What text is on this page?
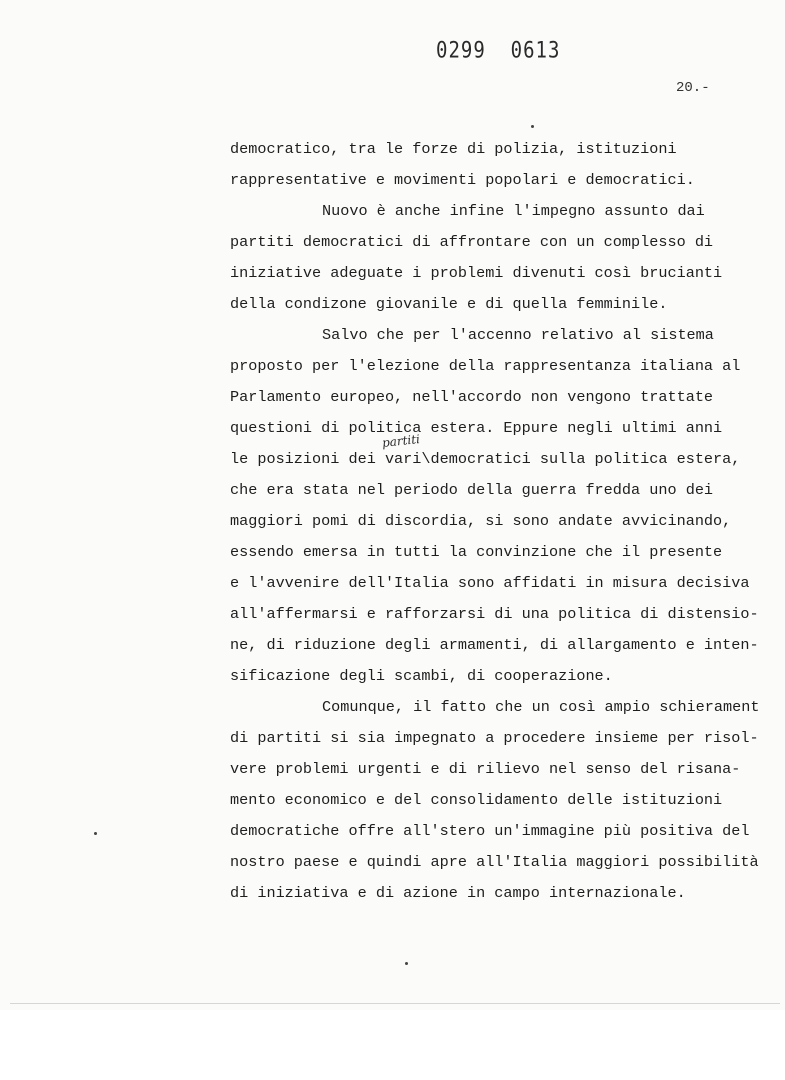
0299  0613
20.-
democratico, tra le forze di polizia, istituzioni
rappresentative e movimenti popolari e democratici.
Nuovo è anche infine l'impegno assunto dai
partiti democratici di affrontare con un complesso di
iniziative adeguate i problemi divenuti così brucianti
della condizone giovanile e di quella femminile.
Salvo che per l'accenno relativo al sistema
proposto per l'elezione della rappresentanza italiana al
Parlamento europeo, nell'accordo non vengono trattate
questioni di politica estera. Eppure negli ultimi anni
partiti
le posizioni dei vari\democratici sulla politica estera,
che era stata nel periodo della guerra fredda uno dei
maggiori pomi di discordia, si sono andate avvicinando,
essendo emersa in tutti la convinzione che il presente
e l'avvenire dell'Italia sono affidati in misura decisiva
all'affermarsi e rafforzarsi di una politica di distensio-
ne, di riduzione degli armamenti, di allargamento e inten-
sificazione degli scambi, di cooperazione.
Comunque, il fatto che un così ampio schierament
di partiti si sia impegnato a procedere insieme per risol-
vere problemi urgenti e di rilievo nel senso del risana-
mento economico e del consolidamento delle istituzioni
democratiche offre all'stero un'immagine più positiva del
nostro paese e quindi apre all'Italia maggiori possibilità
di iniziativa e di azione in campo internazionale.
